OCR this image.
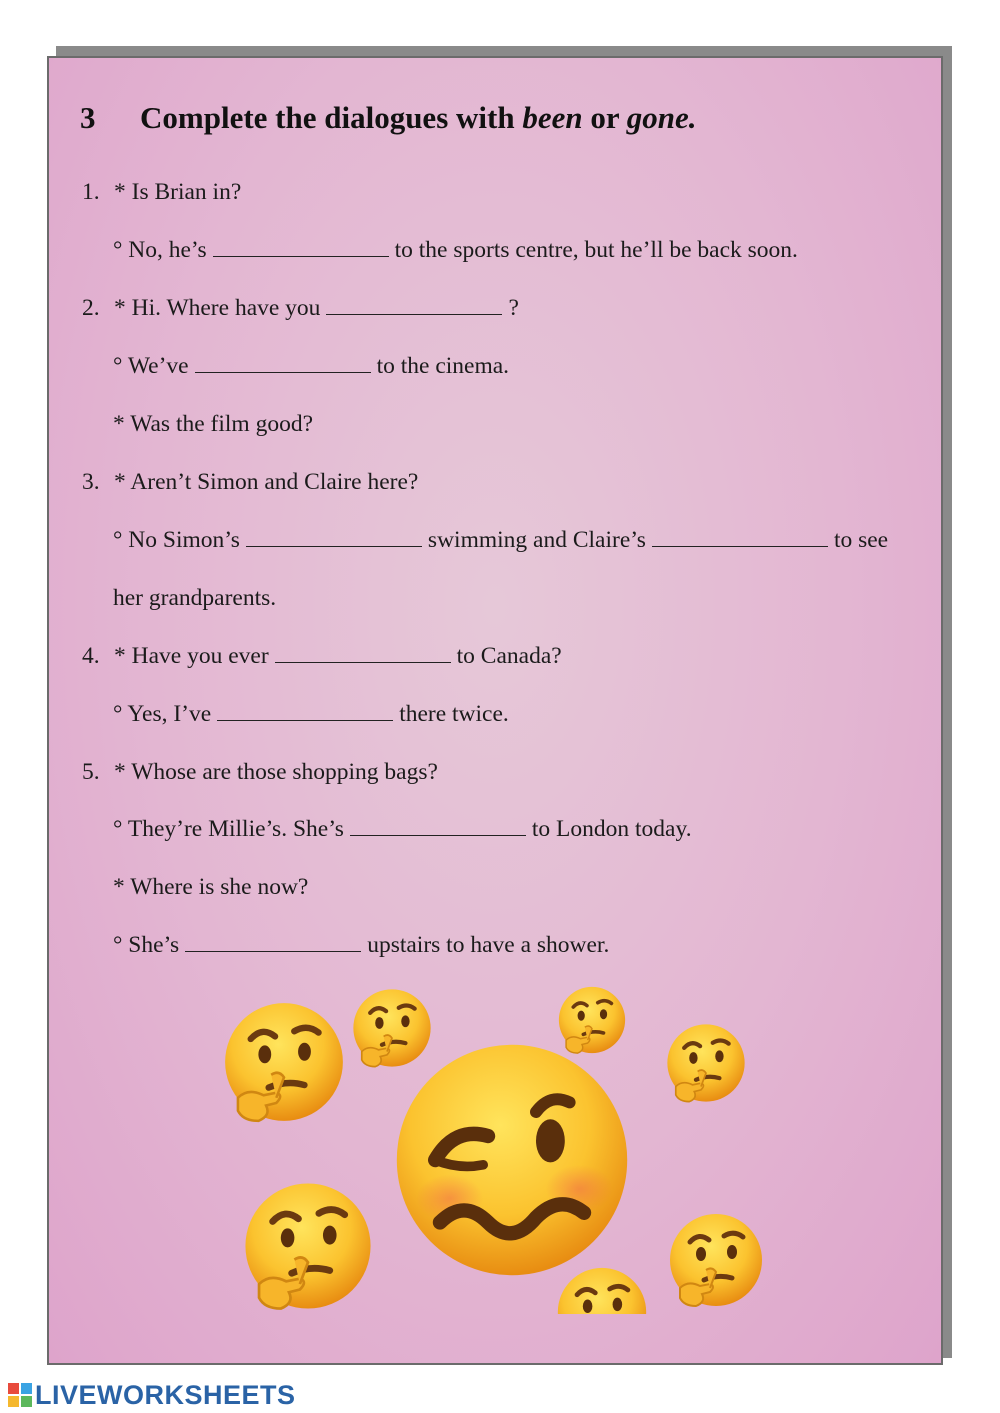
3 Complete the dialogues with been or gone.

1. * Is Brian in?

° No, he’s	to the sports centre, but he’ll be back soon.

2. * Hi. Where have you	?

° We’ve	to the cinema.

* Was the film good?

3. * Aren’t Simon and Claire here?

° No Simon’s	swimming and Claire’s	to see

her grandparents.

4. * Have you ever	to Canada?

° Yes, I’ve	there twice.

5. * Whose are those shopping bags?

° They’re Millie’s. She’s	to London today.

* Where is she now?

° She’s	upstairs to have a shower.

LIVEWORKSHEETS
